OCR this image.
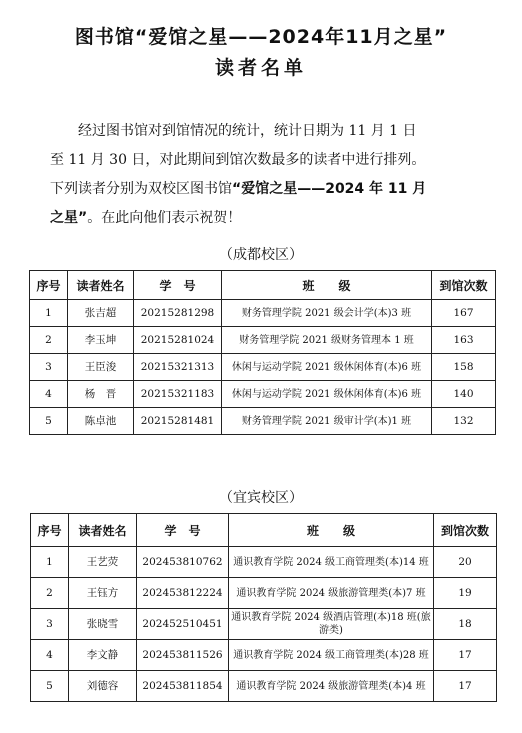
图书馆“爱馆之星——2024年11月之星”
读者名单
经过图书馆对到馆情况的统计，统计日期为 11 月 1 日
至 11 月 30 日，对此期间到馆次数最多的读者中进行排列。
下列读者分别为双校区图书馆“爱馆之星——2024 年 11 月
之星”。在此向他们表示祝贺！
（成都校区）
序号	读者姓名	学　号	班　　级	到馆次数
1	张吉超	20215281298	财务管理学院 2021 级会计学(本)3 班	167
2	李玉坤	20215281024	财务管理学院 2021 级财务管理本 1 班	163
3	王臣浚	20215321313	休闲与运动学院 2021 级休闲体育(本)6 班	158
4	杨　晋	20215321183	休闲与运动学院 2021 级休闲体育(本)6 班	140
5	陈卓池	20215281481	财务管理学院 2021 级审计学(本)1 班	132
（宜宾校区）
序号	读者姓名	学　号	班　　级	到馆次数
1	王艺荧	202453810762	通识教育学院 2024 级工商管理类(本)14 班	20
2	王钰方	202453812224	通识教育学院 2024 级旅游管理类(本)7 班	19
3	张晓雪	202452510451	通识教育学院 2024 级酒店管理(本)18 班(旅游类)	18
4	李文静	202453811526	通识教育学院 2024 级工商管理类(本)28 班	17
5	刘德容	202453811854	通识教育学院 2024 级旅游管理类(本)4 班	17
